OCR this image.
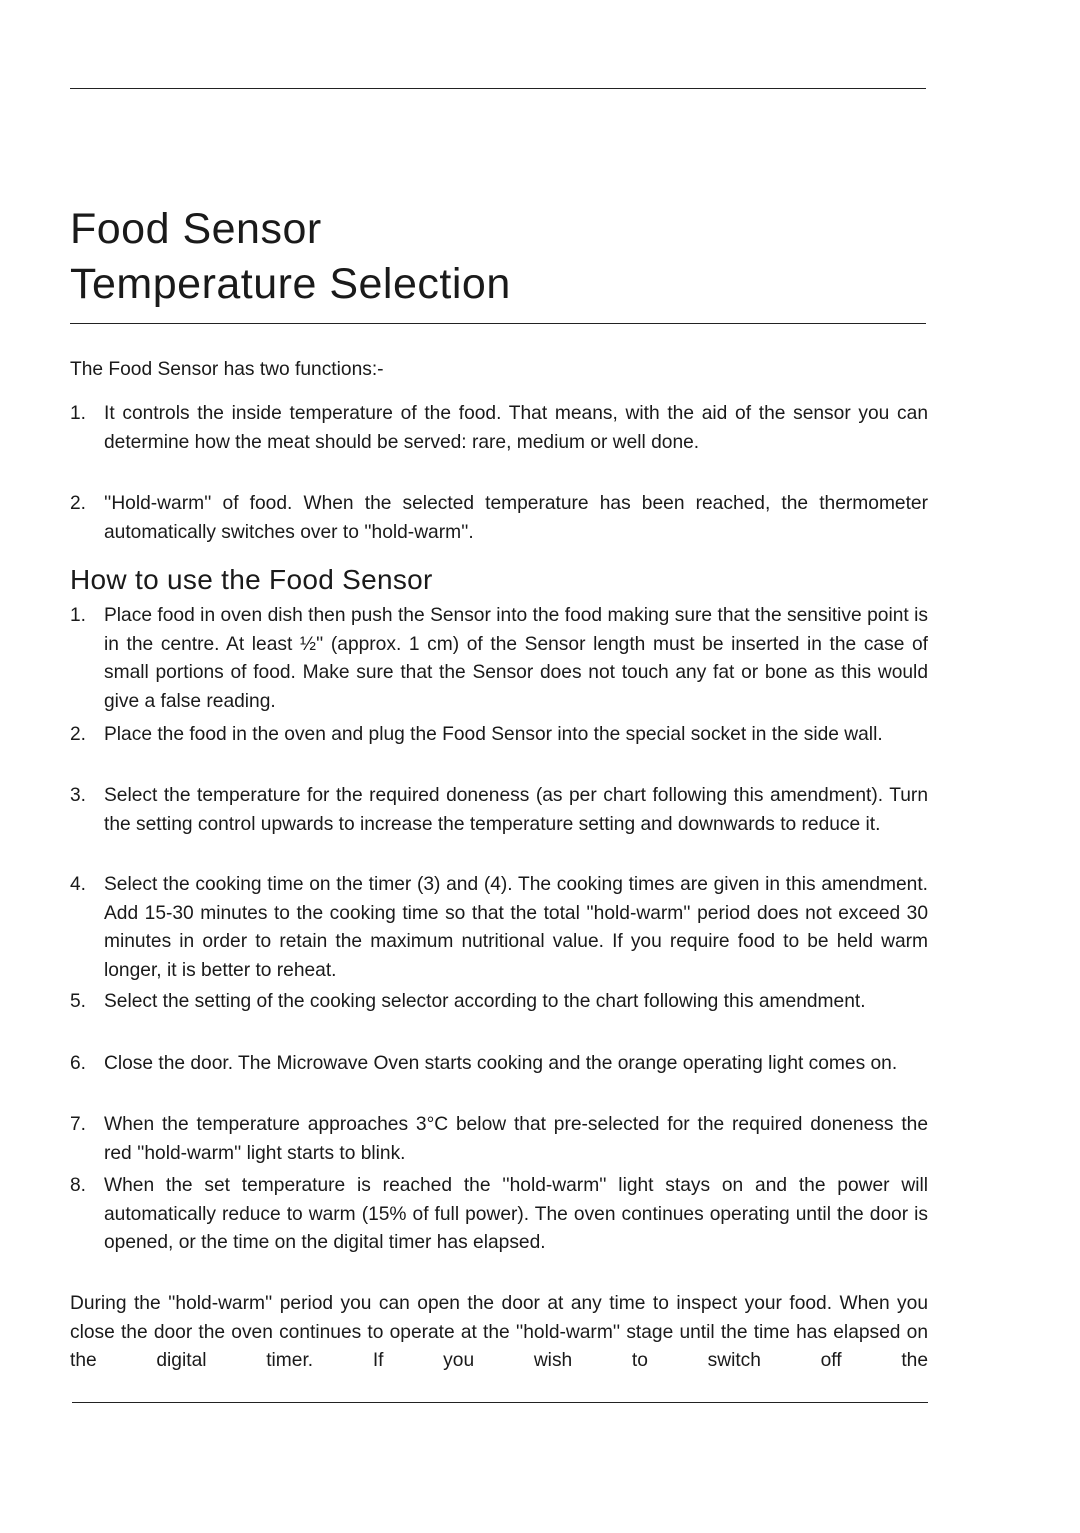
Food Sensor
Temperature Selection

The Food Sensor has two functions:-

1. It controls the inside temperature of the food. That means, with the aid of the sensor you can determine how the meat should be served: rare, medium or well done.
2. ''Hold-warm'' of food. When the selected temperature has been reached, the thermometer automatically switches over to ''hold-warm''.
How to use the Food Sensor
1. Place food in oven dish then push the Sensor into the food making sure that the sensitive point is in the centre. At least ½'' (approx. 1 cm) of the Sensor length must be inserted in the case of small portions of food. Make sure that the Sensor does not touch any fat or bone as this would give a false reading.
2. Place the food in the oven and plug the Food Sensor into the special socket in the side wall.
3. Select the temperature for the required doneness (as per chart following this amendment). Turn the setting control upwards to increase the temperature setting and downwards to reduce it.
4. Select the cooking time on the timer (3) and (4). The cooking times are given in this amendment. Add 15-30 minutes to the cooking time so that the total ''hold-warm'' period does not exceed 30 minutes in order to retain the maximum nutritional value. If you require food to be held warm longer, it is better to reheat.
5. Select the setting of the cooking selector according to the chart following this amendment.
6. Close the door. The Microwave Oven starts cooking and the orange operating light comes on.
7. When the temperature approaches 3°C below that pre-selected for the required doneness the red ''hold-warm'' light starts to blink.
8. When the set temperature is reached the ''hold-warm'' light stays on and the power will automatically reduce to warm (15% of full power). The oven continues operating until the door is opened, or the time on the digital timer has elapsed.

During the ''hold-warm'' period you can open the door at any time to inspect your food. When you close the door the oven continues to operate at the ''hold-warm'' stage until the time has elapsed on the digital timer. If you wish to switch off the
